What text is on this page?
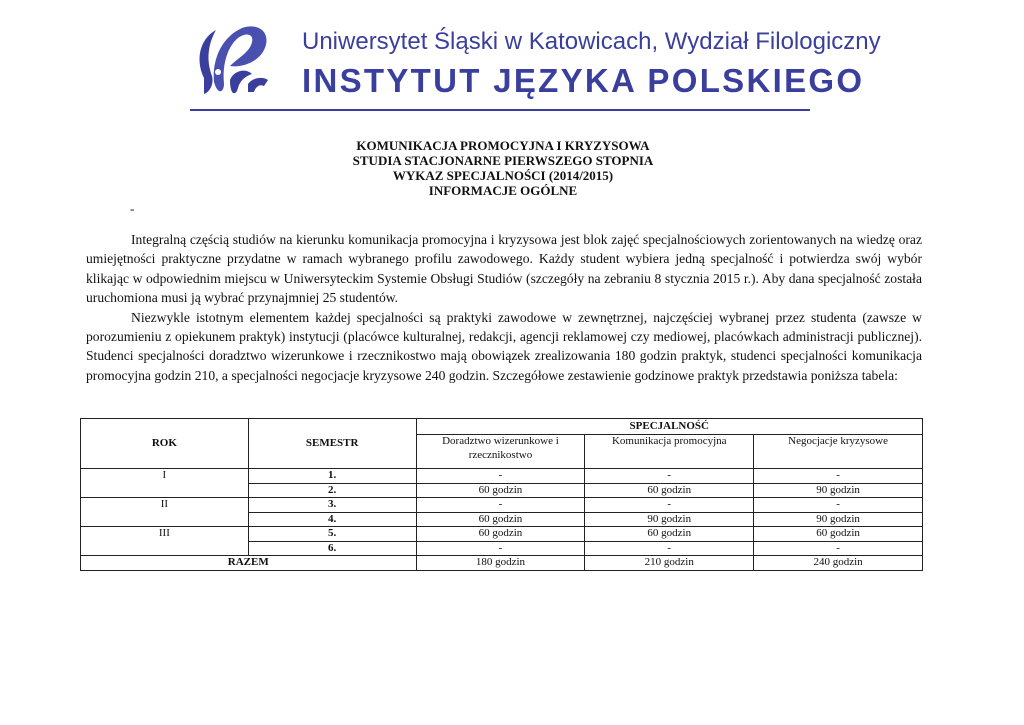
Uniwersytet Śląski w Katowicach, Wydział Filologiczny
INSTYTUT JĘZYKA POLSKIEGO
KOMUNIKACJA PROMOCYJNA I KRYZYSOWA
STUDIA STACJONARNE PIERWSZEGO STOPNIA
WYKAZ SPECJALNOŚCI (2014/2015)
INFORMACJE OGÓLNE
-

Integralną częścią studiów na kierunku komunikacja promocyjna i kryzysowa jest blok zajęć specjalnościowych zorientowanych na wiedzę oraz umiejętności praktyczne przydatne w ramach wybranego profilu zawodowego. Każdy student wybiera jedną specjalność i potwierdza swój wybór klikając w odpowiednim miejscu w Uniwersyteckim Systemie Obsługi Studiów (szczegóły na zebraniu 8 stycznia 2015 r.). Aby dana specjalność została uruchomiona musi ją wybrać przynajmniej 25 studentów.

Niezwykle istotnym elementem każdej specjalności są praktyki zawodowe w zewnętrznej, najczęściej wybranej przez studenta (zawsze w porozumieniu z opiekunem praktyk) instytucji (placówce kulturalnej, redakcji, agencji reklamowej czy mediowej, placówkach administracji publicznej). Studenci specjalności doradztwo wizerunkowe i rzecznikostwo mają obowiązek zrealizowania 180 godzin praktyk, studenci specjalności komunikacja promocyjna godzin 210, a specjalności negocjacje kryzysowe 240 godzin. Szczegółowe zestawienie godzinowe praktyk przedstawia poniższa tabela:

ROK	SEMESTR	SPECJALNOŚĆ		
		Doradztwo wizerunkowe i rzecznikostwo	Komunikacja promocyjna	Negocjacje kryzysowe
I	1.	-	-	-
	2.	60 godzin	60 godzin	90 godzin
II	3.	-	-	-
	4.	60 godzin	90 godzin	90 godzin
III	5.	60 godzin	60 godzin	60 godzin
	6.	-	-	-
RAZEM		180 godzin	210 godzin	240 godzin
